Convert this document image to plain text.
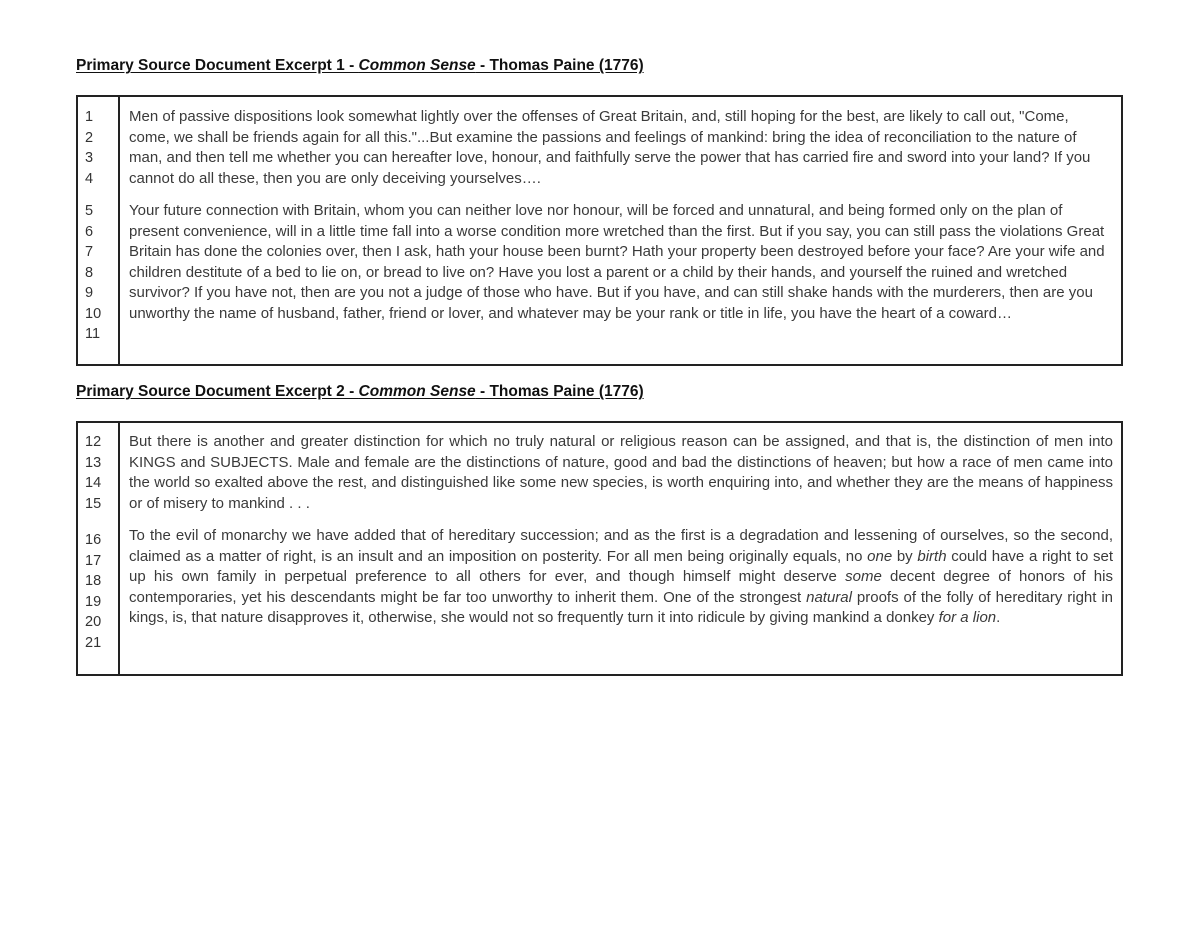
Primary Source Document Excerpt 1 - Common Sense - Thomas Paine (1776)
1
2
3
4
5
6
7
8
9
10
11

Men of passive dispositions look somewhat lightly over the offenses of Great Britain, and, still hoping for the best, are likely to call out, "Come, come, we shall be friends again for all this."...But examine the passions and feelings of mankind: bring the idea of reconciliation to the nature of man, and then tell me whether you can hereafter love, honour, and faithfully serve the power that has carried fire and sword into your land? If you cannot do all these, then you are only deceiving yourselves….

Your future connection with Britain, whom you can neither love nor honour, will be forced and unnatural, and being formed only on the plan of present convenience, will in a little time fall into a worse condition more wretched than the first. But if you say, you can still pass the violations Great Britain has done the colonies over, then I ask, hath your house been burnt? Hath your property been destroyed before your face? Are your wife and children destitute of a bed to lie on, or bread to live on? Have you lost a parent or a child by their hands, and yourself the ruined and wretched survivor? If you have not, then are you not a judge of those who have. But if you have, and can still shake hands with the murderers, then are you unworthy the name of husband, father, friend or lover, and whatever may be your rank or title in life, you have the heart of a coward…

Primary Source Document Excerpt 2 - Common Sense - Thomas Paine (1776)
12
13
14
15
16
17
18
19
20
21

But there is another and greater distinction for which no truly natural or religious reason can be assigned, and that is, the distinction of men into KINGS and SUBJECTS. Male and female are the distinctions of nature, good and bad the distinctions of heaven; but how a race of men came into the world so exalted above the rest, and distinguished like some new species, is worth enquiring into, and whether they are the means of happiness or of misery to mankind . . .

To the evil of monarchy we have added that of hereditary succession; and as the first is a degradation and lessening of ourselves, so the second, claimed as a matter of right, is an insult and an imposition on posterity. For all men being originally equals, no one by birth could have a right to set up his own family in perpetual preference to all others for ever, and though himself might deserve some decent degree of honors of his contemporaries, yet his descendants might be far too unworthy to inherit them. One of the strongest natural proofs of the folly of hereditary right in kings, is, that nature disapproves it, otherwise, she would not so frequently turn it into ridicule by giving mankind a donkey for a lion.
